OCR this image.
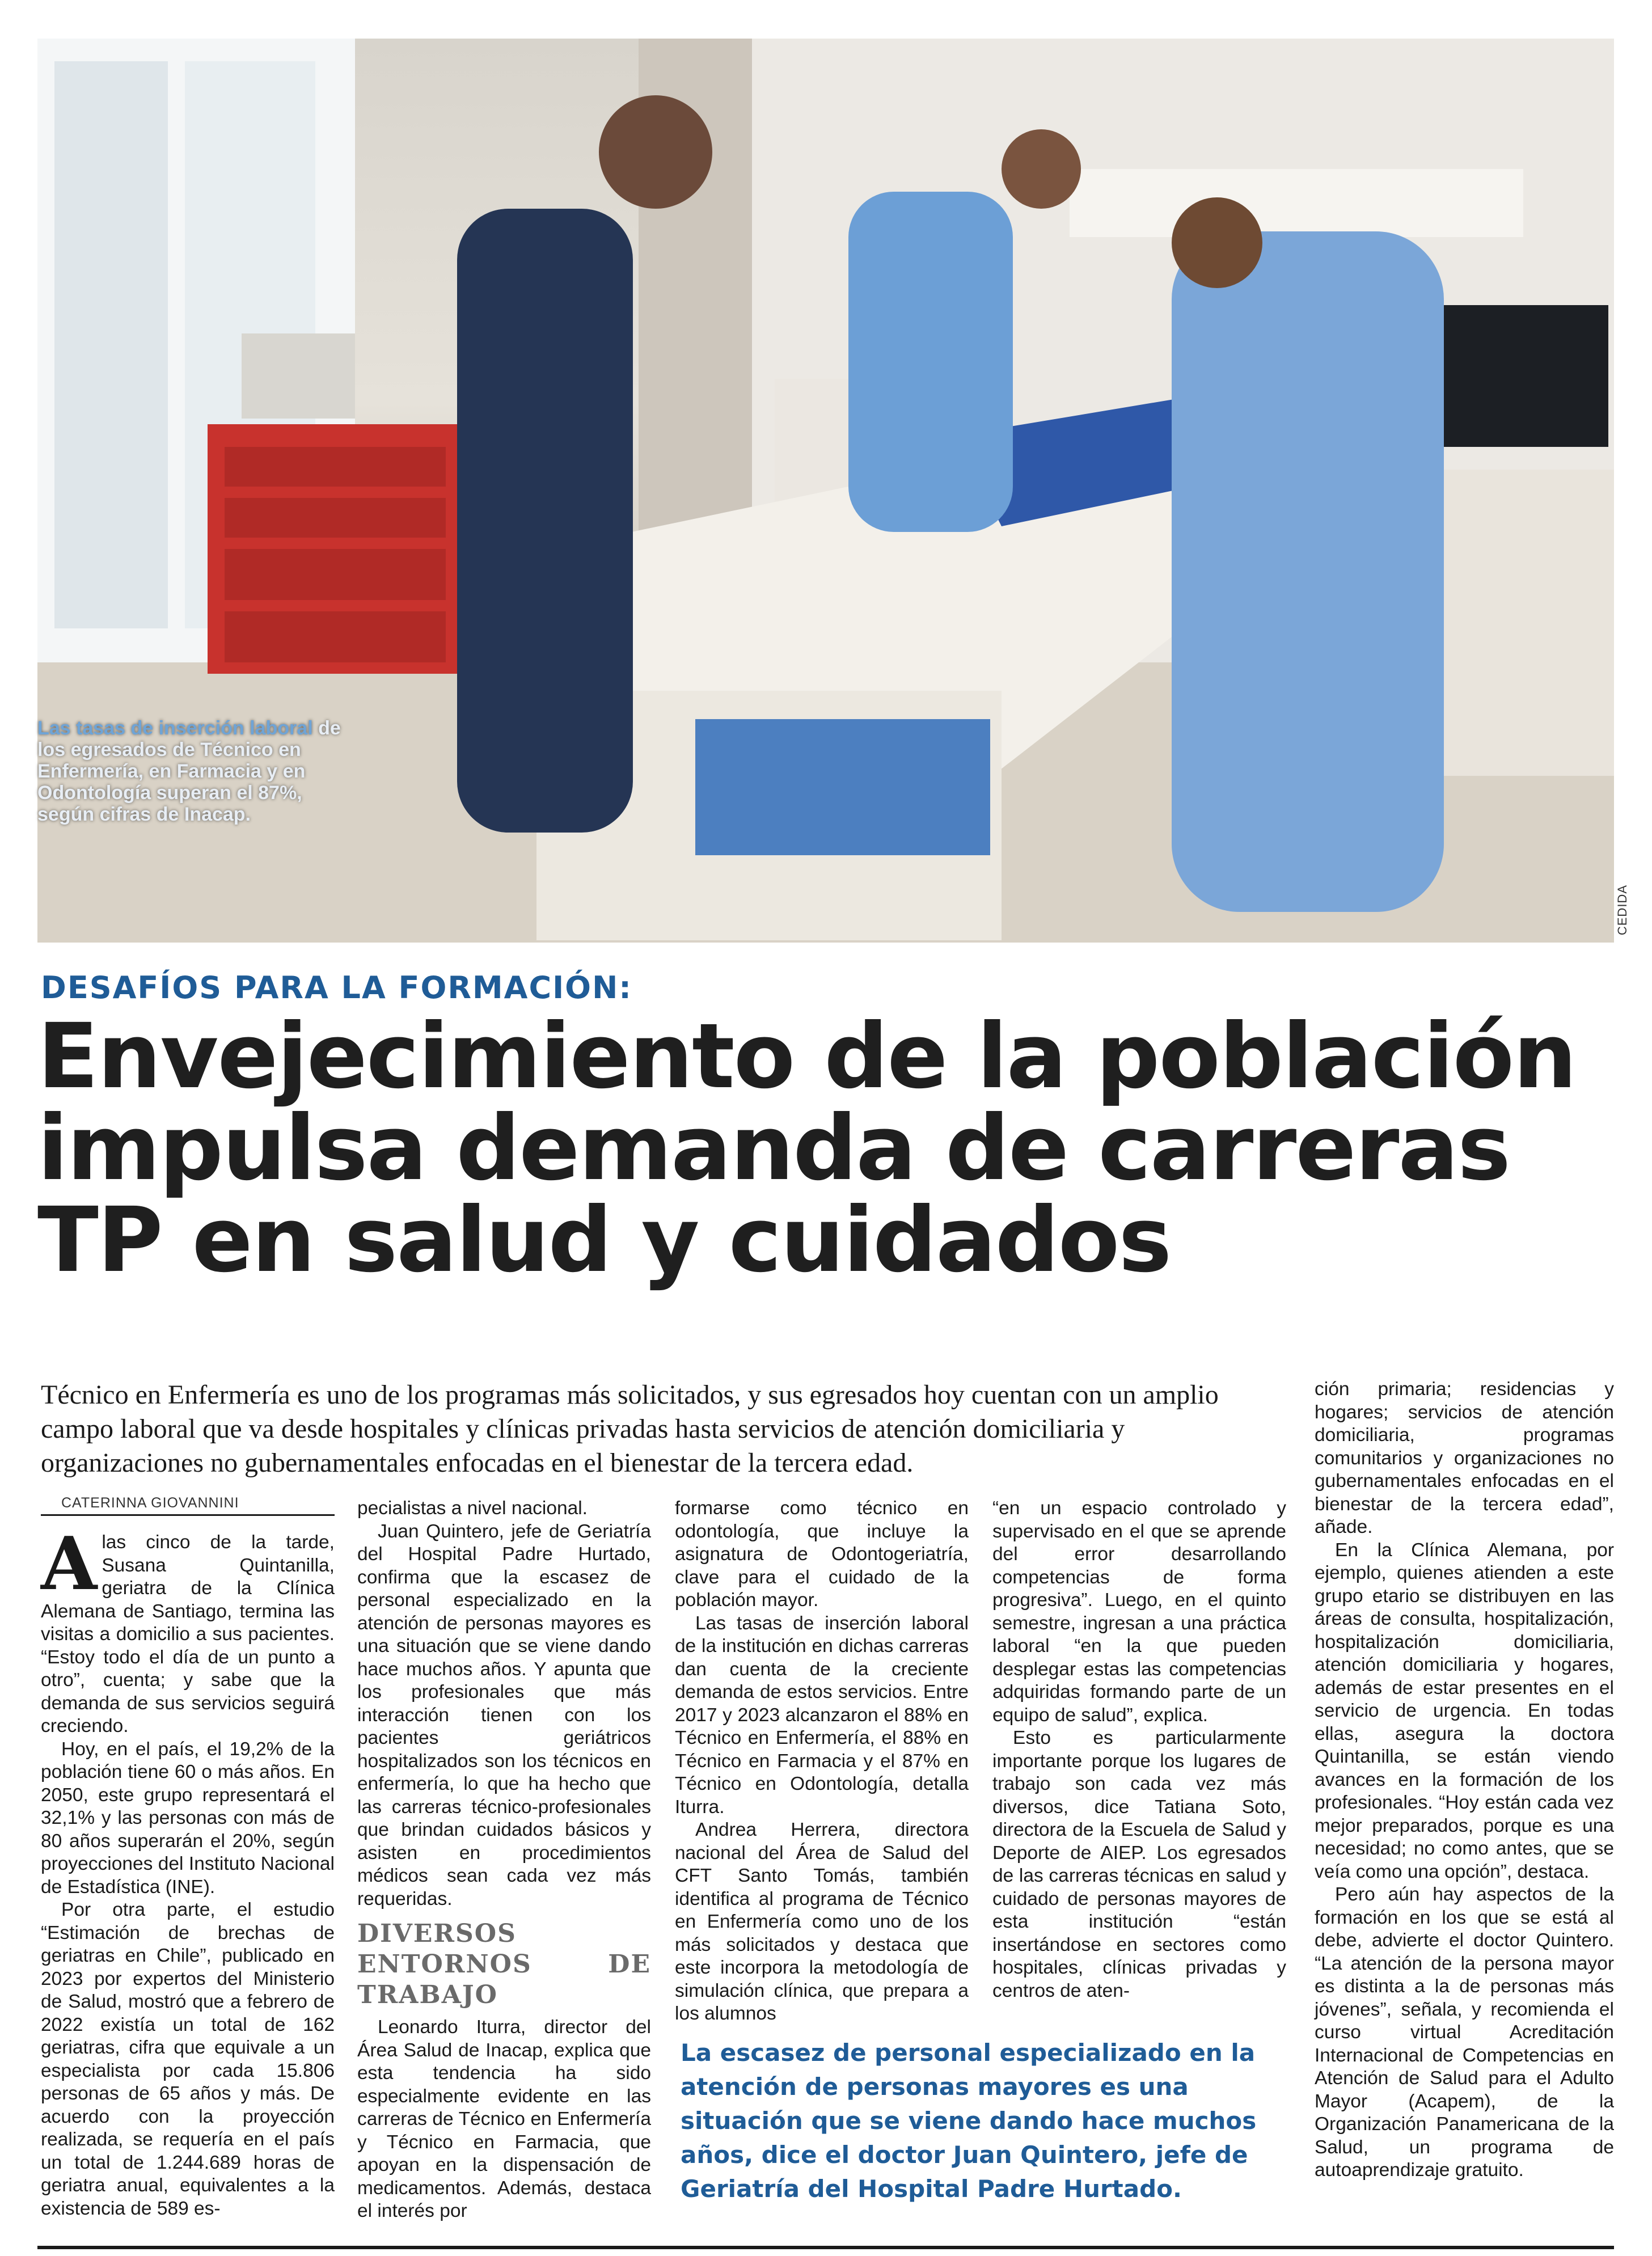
Las tasas de inserción laboral de los egresados de Técnico en Enfermería, en Farmacia y en Odontología superan el 87%, según cifras de Inacap.
CEDIDA
DESAFÍOS PARA LA FORMACIÓN:
Envejecimiento de la población
impulsa demanda de carreras
TP en salud y cuidados
Técnico en Enfermería es uno de los programas más solicitados, y sus egresados hoy cuentan con un amplio campo laboral que va desde hospitales y clínicas privadas hasta servicios de atención domiciliaria y organizaciones no gubernamentales enfocadas en el bienestar de la tercera edad.
CATERINNA GIOVANNINI

Alas cinco de la tarde, Susana Quintanilla, geriatra de la Clínica Alemana de Santiago, termina las visitas a domicilio a sus pacientes. “Estoy todo el día de un punto a otro”, cuenta; y sabe que la demanda de sus servicios seguirá creciendo.

Hoy, en el país, el 19,2% de la población tiene 60 o más años. En 2050, este grupo representará el 32,1% y las personas con más de 80 años superarán el 20%, según proyecciones del Instituto Nacional de Estadística (INE).

Por otra parte, el estudio “Estimación de brechas de geriatras en Chile”, publicado en 2023 por expertos del Ministerio de Salud, mostró que a febrero de 2022 existía un total de 162 geriatras, cifra que equivale a un especialista por cada 15.806 personas de 65 años y más. De acuerdo con la proyección realizada, se requería en el país un total de 1.244.689 horas de geriatra anual, equivalentes a la existencia de 589 es-

pecialistas a nivel nacional.

Juan Quintero, jefe de Geriatría del Hospital Padre Hurtado, confirma que la escasez de personal especializado en la atención de personas mayores es una situación que se viene dando hace muchos años. Y apunta que los profesionales que más interacción tienen con los pacientes geriátricos hospitalizados son los técnicos en enfermería, lo que ha hecho que las carreras técnico-profesionales que brindan cuidados básicos y asisten en procedimientos médicos sean cada vez más requeridas.

DIVERSOS ENTORNOS DE TRABAJO

Leonardo Iturra, director del Área Salud de Inacap, explica que esta tendencia ha sido especialmente evidente en las carreras de Técnico en Enfermería y Técnico en Farmacia, que apoyan en la dispensación de medicamentos. Además, destaca el interés por

formarse como técnico en odontología, que incluye la asignatura de Odontogeriatría, clave para el cuidado de la población mayor.

Las tasas de inserción laboral de la institución en dichas carreras dan cuenta de la creciente demanda de estos servicios. Entre 2017 y 2023 alcanzaron el 88% en Técnico en Enfermería, el 88% en Técnico en Farmacia y el 87% en Técnico en Odontología, detalla Iturra.

Andrea Herrera, directora nacional del Área de Salud del CFT Santo Tomás, también identifica al programa de Técnico en Enfermería como uno de los más solicitados y destaca que este incorpora la metodología de simulación clínica, que prepara a los alumnos

“en un espacio controlado y supervisado en el que se aprende del error desarrollando competencias de forma progresiva”. Luego, en el quinto semestre, ingresan a una práctica laboral “en la que pueden desplegar estas las competencias adquiridas formando parte de un equipo de salud”, explica.

Esto es particularmente importante porque los lugares de trabajo son cada vez más diversos, dice Tatiana Soto, directora de la Escuela de Salud y Deporte de AIEP. Los egresados de las carreras técnicas en salud y cuidado de personas mayores de esta institución “están insertándose en sectores como hospitales, clínicas privadas y centros de aten-

La escasez de personal especializado en la atención de personas mayores es una situación que se viene dando hace muchos años, dice el doctor Juan Quintero, jefe de Geriatría del Hospital Padre Hurtado.

ción primaria; residencias y hogares; servicios de atención domiciliaria, programas comunitarios y organizaciones no gubernamentales enfocadas en el bienestar de la tercera edad”, añade.

En la Clínica Alemana, por ejemplo, quienes atienden a este grupo etario se distribuyen en las áreas de consulta, hospitalización, hospitalización domiciliaria, atención domiciliaria y hogares, además de estar presentes en el servicio de urgencia. En todas ellas, asegura la doctora Quintanilla, se están viendo avances en la formación de los profesionales. “Hoy están cada vez mejor preparados, porque es una necesidad; no como antes, que se veía como una opción”, destaca.

Pero aún hay aspectos de la formación en los que se está al debe, advierte el doctor Quintero. “La atención de la persona mayor es distinta a la de personas más jóvenes”, señala, y recomienda el curso virtual Acreditación Internacional de Competencias en Atención de Salud para el Adulto Mayor (Acapem), de la Organización Panamericana de la Salud, un programa de autoaprendizaje gratuito.
